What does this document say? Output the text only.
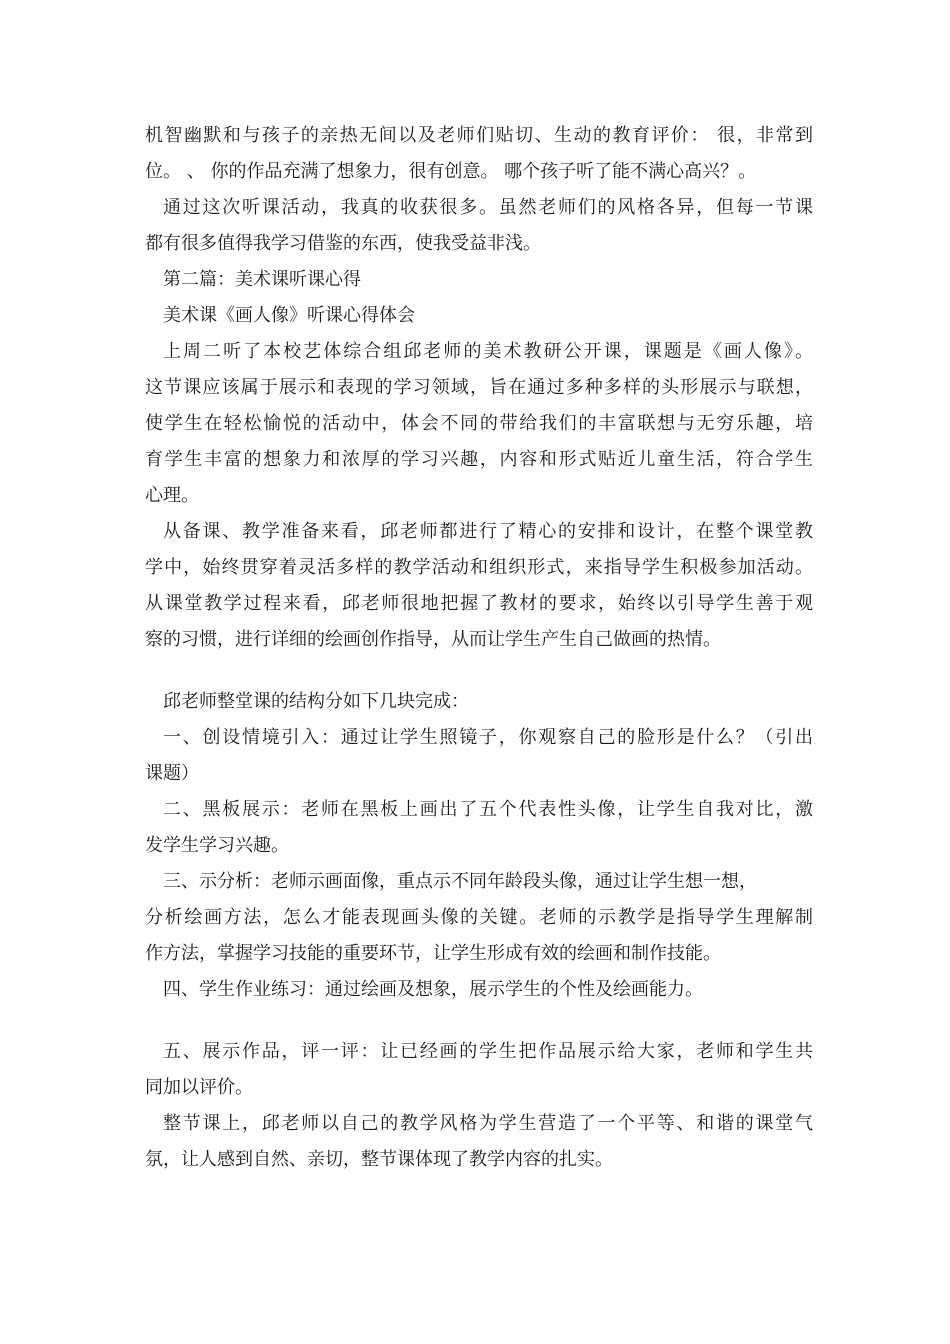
机智幽默和与孩子的亲热无间以及老师们贴切、生动的教育评价： 很，非常到
位。 、 你的作品充满了想象力，很有创意。 哪个孩子听了能不满心高兴？。
通过这次听课活动，我真的收获很多。虽然老师们的风格各异，但每一节课
都有很多值得我学习借鉴的东西，使我受益非浅。
第二篇：美术课听课心得
美术课《画人像》听课心得体会
上周二听了本校艺体综合组邱老师的美术教研公开课，课题是《画人像》。
这节课应该属于展示和表现的学习领域，旨在通过多种多样的头形展示与联想，
使学生在轻松愉悦的活动中，体会不同的带给我们的丰富联想与无穷乐趣，培
育学生丰富的想象力和浓厚的学习兴趣，内容和形式贴近儿童生活，符合学生
心理。
从备课、教学准备来看，邱老师都进行了精心的安排和设计，在整个课堂教
学中，始终贯穿着灵活多样的教学活动和组织形式，来指导学生积极参加活动。
从课堂教学过程来看，邱老师很地把握了教材的要求，始终以引导学生善于观
察的习惯，进行详细的绘画创作指导，从而让学生产生自己做画的热情。
邱老师整堂课的结构分如下几块完成：
一、创设情境引入：通过让学生照镜子，你观察自己的脸形是什么？（引出
课题）
二、黑板展示：老师在黑板上画出了五个代表性头像，让学生自我对比，激
发学生学习兴趣。
三、示分析：老师示画面像，重点示不同年龄段头像，通过让学生想一想，
分析绘画方法，怎么才能表现画头像的关键。老师的示教学是指导学生理解制
作方法，掌握学习技能的重要环节，让学生形成有效的绘画和制作技能。
四、学生作业练习：通过绘画及想象，展示学生的个性及绘画能力。
五、展示作品，评一评：让已经画的学生把作品展示给大家，老师和学生共
同加以评价。
整节课上，邱老师以自己的教学风格为学生营造了一个平等、和谐的课堂气
氛，让人感到自然、亲切，整节课体现了教学内容的扎实。
